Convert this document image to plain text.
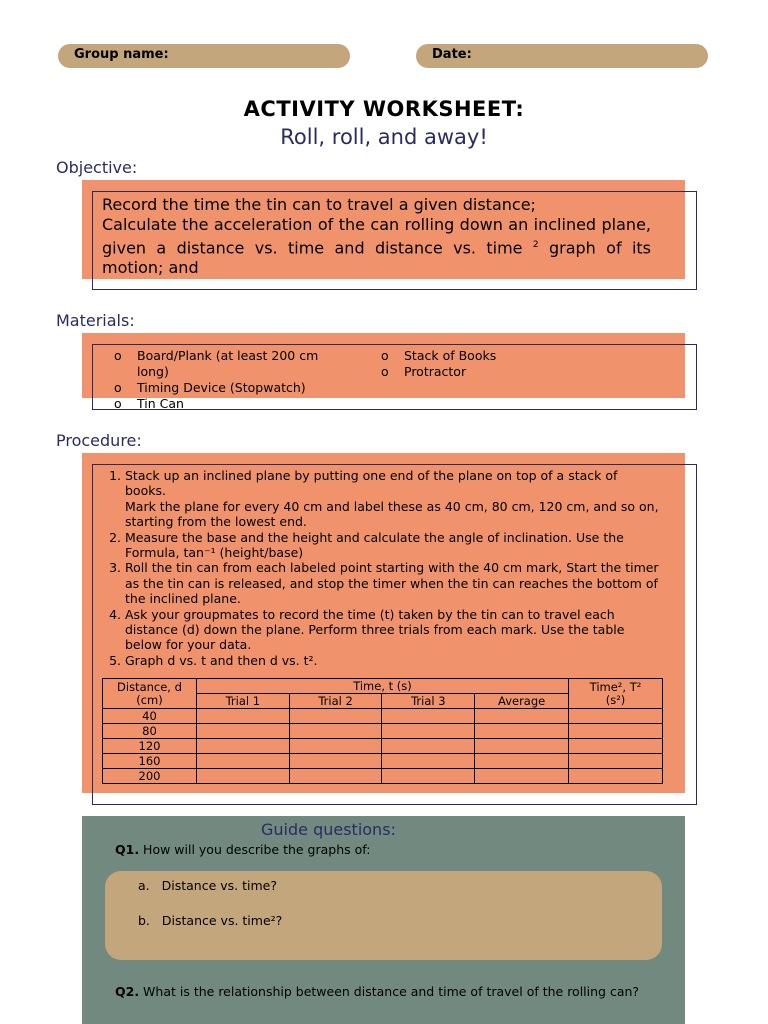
Group name:	Date:
ACTIVITY WORKSHEET:
Roll, roll, and away!
Objective:
Record the time the tin can to travel a given distance;
Calculate the acceleration of the can rolling down an inclined plane, given a distance vs. time and distance vs. time $^2$ graph of its motion; and
Materials:
o Board/Plank (at least 200 cm long)
o Timing Device (Stopwatch)
o Tin Can
o Stack of Books
o Protractor
Procedure:
1. Stack up an inclined plane by putting one end of the plane on top of a stack of books.
Mark the plane for every 40 cm and label these as 40 cm, 80 cm, 120 cm, and so on, starting from the lowest end.
2. Measure the base and the height and calculate the angle of inclination. Use the Formula, tan⁻¹ (height/base)
3. Roll the tin can from each labeled point starting with the 40 cm mark, Start the timer as the tin can is released, and stop the timer when the tin can reaches the bottom of the inclined plane.
4. Ask your groupmates to record the time (t) taken by the tin can to travel each distance (d) down the plane. Perform three trials from each mark. Use the table below for your data.
5. Graph d vs. t and then d vs. t².
Distance, d (cm)	Time, t (s)				Time², T² (s²)
	Trial 1	Trial 2	Trial 3	Average	
40					
80					
120					
160					
200					
Guide questions:
Q1. How will you describe the graphs of:
a. Distance vs. time?
b. Distance vs. time²?
Q2. What is the relationship between distance and time of travel of the rolling can?
